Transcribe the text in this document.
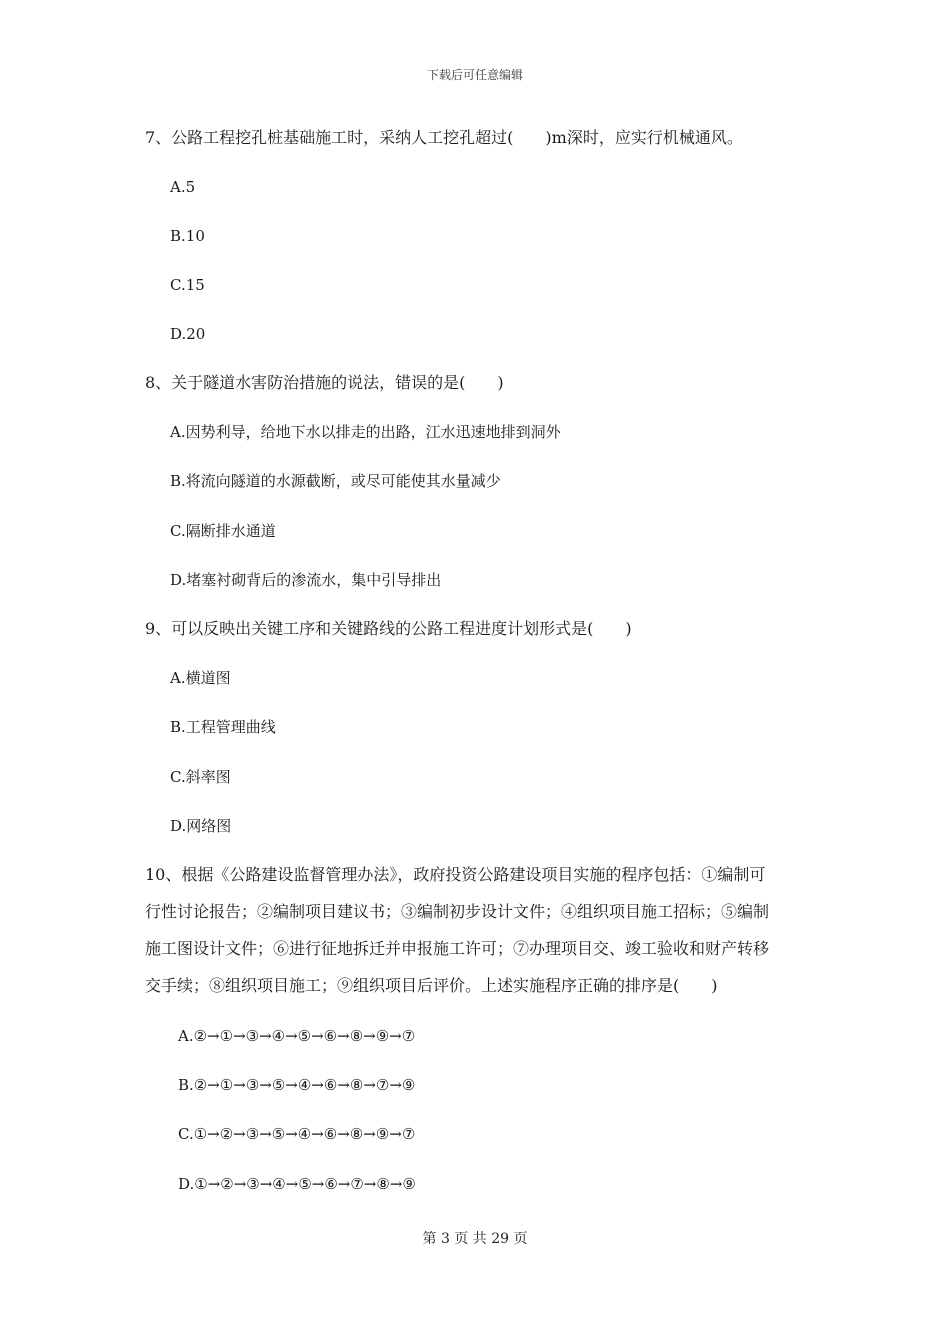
下载后可任意编辑
7、公路工程挖孔桩基础施工时，采纳人工挖孔超过(　　)m深时，应实行机械通风。
A.5
B.10
C.15
D.20
8、关于隧道水害防治措施的说法，错误的是(　　)
A.因势利导，给地下水以排走的出路，江水迅速地排到洞外
B.将流向隧道的水源截断，或尽可能使其水量减少
C.隔断排水通道
D.堵塞衬砌背后的渗流水，集中引导排出
9、可以反映出关键工序和关键路线的公路工程进度计划形式是(　　)
A.横道图
B.工程管理曲线
C.斜率图
D.网络图
10、根据《公路建设监督管理办法》，政府投资公路建设项目实施的程序包括：①编制可
行性讨论报告；②编制项目建议书；③编制初步设计文件；④组织项目施工招标；⑤编制
施工图设计文件；⑥进行征地拆迁并申报施工许可；⑦办理项目交、竣工验收和财产转移
交手续；⑧组织项目施工；⑨组织项目后评价。上述实施程序正确的排序是(　　)
A.②→①→③→④→⑤→⑥→⑧→⑨→⑦
B.②→①→③→⑤→④→⑥→⑧→⑦→⑨
C.①→②→③→⑤→④→⑥→⑧→⑨→⑦
D.①→②→③→④→⑤→⑥→⑦→⑧→⑨
第 3 页 共 29 页
